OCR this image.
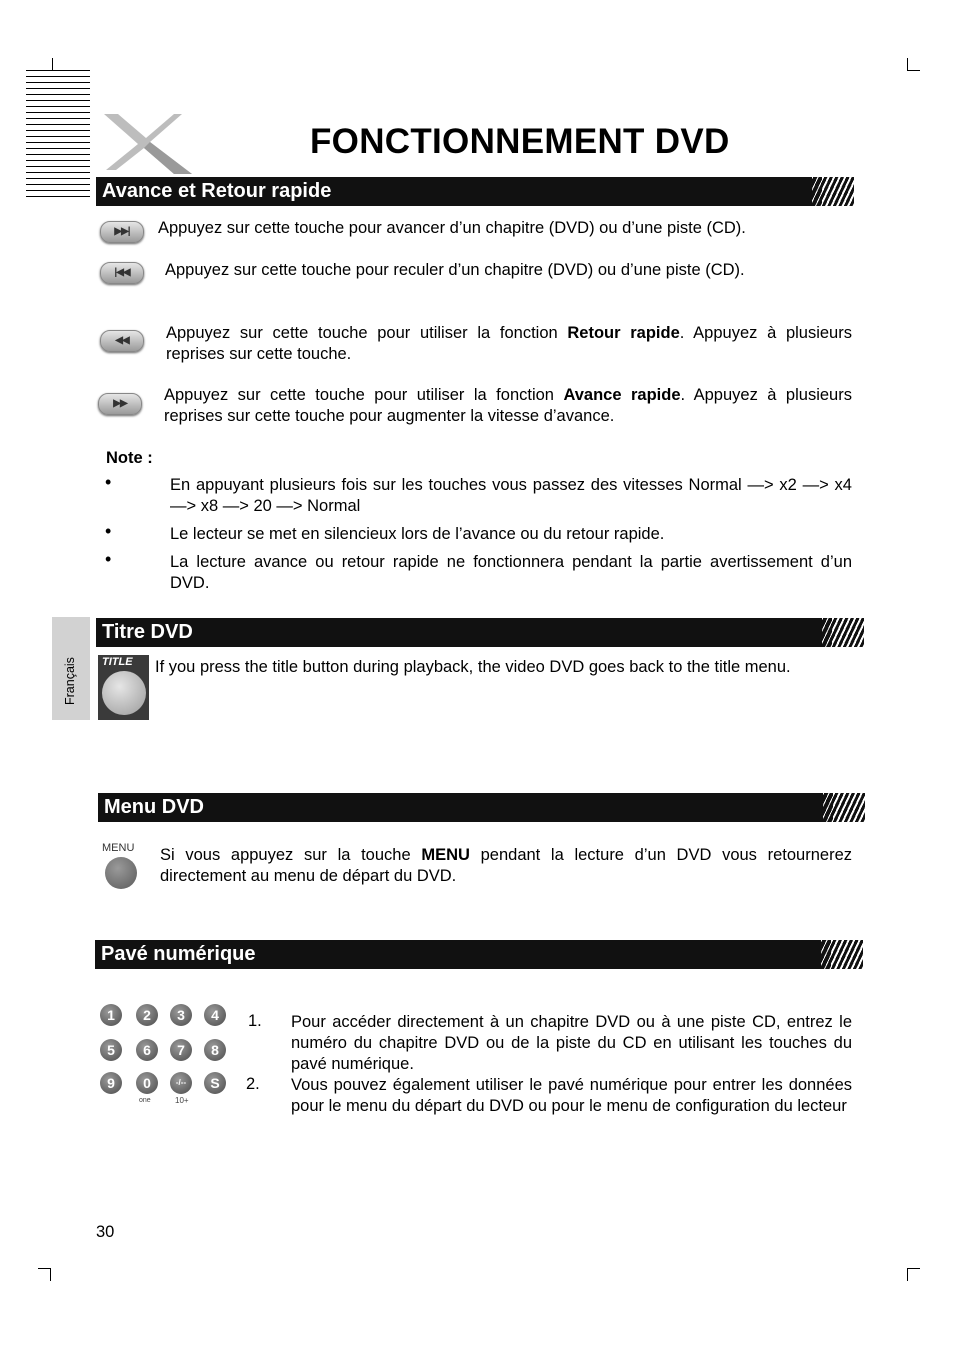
FONCTIONNEMENT DVD
Avance et Retour rapide
▶▶|	Appuyez sur cette touche pour avancer d’un chapitre (DVD) ou d’une piste (CD).
|◀◀	Appuyez sur cette touche pour reculer d’un chapitre (DVD) ou d’une piste (CD).
◀◀	Appuyez sur cette touche pour utiliser la fonction Retour rapide. Appuyez à plusieurs reprises sur cette touche.
▶▶	Appuyez sur cette touche pour utiliser la fonction Avance rapide. Appuyez à plusieurs reprises sur cette touche pour augmenter la vitesse d’avance.
Note :
•	En appuyant plusieurs fois sur les touches vous passez des vitesses Normal —> x2 —> x4 —> x8 —> 20 —> Normal
•	Le lecteur se met en silencieux lors de l’avance ou du retour rapide.
•	La lecture avance ou retour rapide ne fonctionnera pendant la partie avertissement d’un DVD.
Français
Titre DVD
TITLE If you press the title button during playback, the video DVD goes back to the title menu.
Menu DVD
MENU Si vous appuyez sur la touche MENU pendant la lecture d’un DVD vous retournerez directement au menu de départ du DVD.
Pavé numérique
1	2	3	4
5	6	7	8
9	0	-/--	S
one	10+
1. Pour accéder directement à un chapitre DVD ou à une piste CD, entrez le numéro du chapitre DVD ou de la piste du CD en utilisant les touches du pavé numérique.
2. Vous pouvez également utiliser le pavé numérique pour entrer les données pour le menu du départ du DVD ou pour le menu de configuration du lecteur
30
